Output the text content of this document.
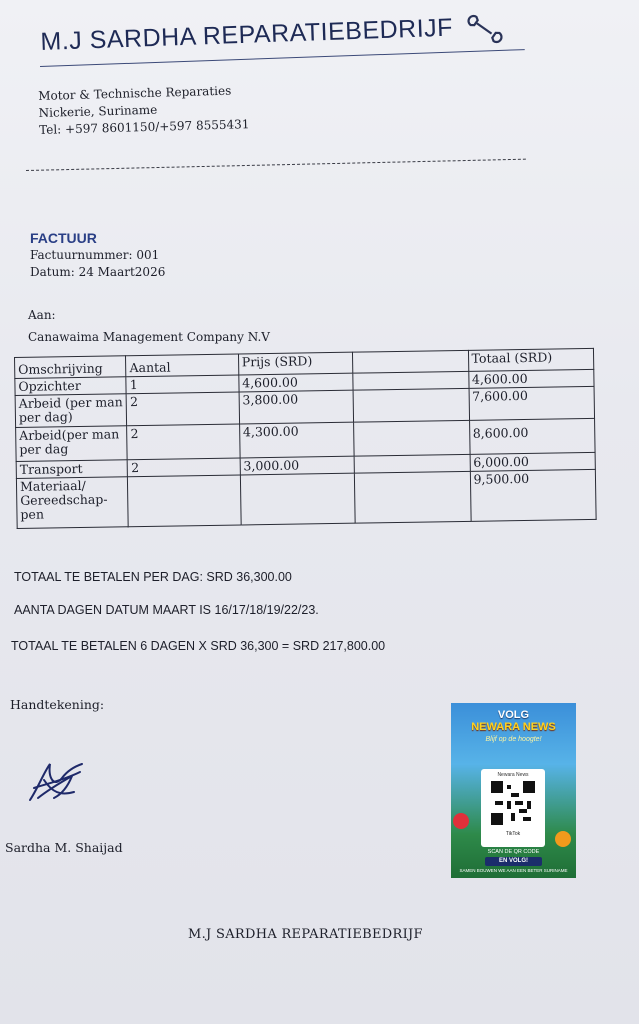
M.J SARDHA REPARATIEBEDRIJF
Motor & Technische Reparaties
Nickerie, Suriname
Tel: +597 8601150/+597 8555431
FACTUUR
Factuurnummer: 001
Datum: 24 Maart2026
Aan:
Canawaima Management Company N.V
Omschrijving	Aantal	Prijs (SRD)		Totaal (SRD)
Opzichter	1	4,600.00		4,600.00
Arbeid (per man per dag)	2	3,800.00		7,600.00
Arbeid(per man per dag	2	4,300.00		8,600.00
Transport	2	3,000.00		6,000.00
Materiaal/ Gereedschap-pen				9,500.00
TOTAAL TE BETALEN PER DAG: SRD 36,300.00
AANTA DAGEN DATUM MAART IS 16/17/18/19/22/23.
TOTAAL TE BETALEN 6 DAGEN X SRD 36,300 = SRD 217,800.00
Handtekening:
Sardha M. Shaijad
M.J SARDHA REPARATIEBEDRIJF
VOLG
NEWARA NEWS
Blijf op de hoogte!
Newara News
TikTok
SCAN DE QR CODE
EN VOLG!
SAMEN BOUWEN WE AAN EEN BETER SURINAME
